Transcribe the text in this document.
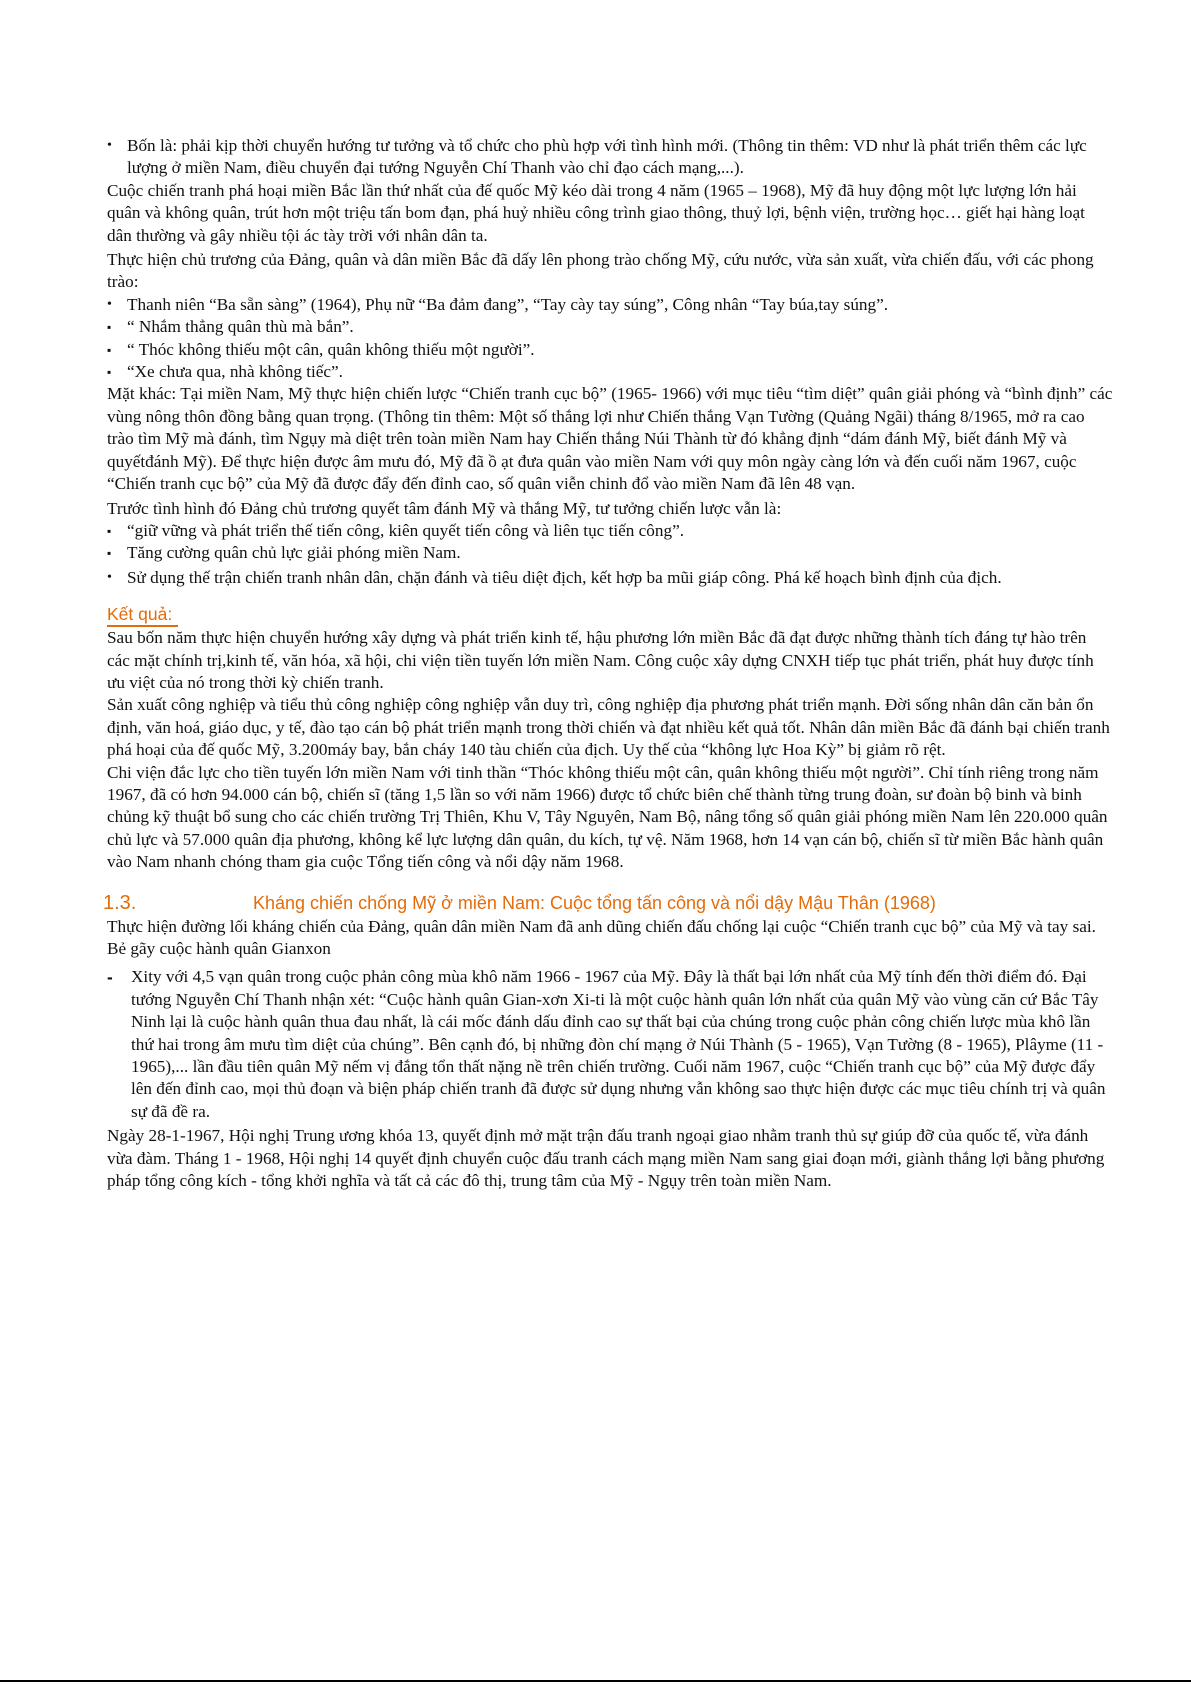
• Bốn là: phải kịp thời chuyển hướng tư tưởng và tổ chức cho phù hợp với tình hình mới. (Thông tin thêm: VD như là phát triển thêm các lực lượng ở miền Nam, điều chuyển đại tướng Nguyễn Chí Thanh vào chỉ đạo cách mạng,...).

Cuộc chiến tranh phá hoại miền Bắc lần thứ nhất của đế quốc Mỹ kéo dài trong 4 năm (1965 – 1968), Mỹ đã huy động một lực lượng lớn hải quân và không quân, trút hơn một triệu tấn bom đạn, phá huỷ nhiều công trình giao thông, thuỷ lợi, bệnh viện, trường học… giết hại hàng loạt dân thường và gây nhiều tội ác tày trời với nhân dân ta.

Thực hiện chủ trương của Đảng, quân và dân miền Bắc đã dấy lên phong trào chống Mỹ, cứu nước, vừa sản xuất, vừa chiến đấu, với các phong trào:

• Thanh niên “Ba sẵn sàng” (1964), Phụ nữ “Ba đảm đang”, “Tay cày tay súng”, Công nhân “Tay búa,tay súng”.

▪ “ Nhắm thẳng quân thù mà bắn”.

▪ “ Thóc không thiếu một cân, quân không thiếu một người”.

▪ “Xe chưa qua, nhà không tiếc”.

Mặt khác: Tại miền Nam, Mỹ thực hiện chiến lược “Chiến tranh cục bộ” (1965- 1966) với mục tiêu “tìm diệt” quân giải phóng và “bình định” các vùng nông thôn đồng bằng quan trọng. (Thông tin thêm: Một số thắng lợi như Chiến thắng Vạn Tường (Quảng Ngãi) tháng 8/1965, mở ra cao trào tìm Mỹ mà đánh, tìm Ngụy mà diệt trên toàn miền Nam hay Chiến thắng Núi Thành từ đó khẳng định “dám đánh Mỹ, biết đánh Mỹ và quyếtđánh Mỹ). Để thực hiện được âm mưu đó, Mỹ đã ồ ạt đưa quân vào miền Nam với quy môn ngày càng lớn và đến cuối năm 1967, cuộc “Chiến tranh cục bộ” của Mỹ đã được đẩy đến đỉnh cao, số quân viễn chinh đổ vào miền Nam đã lên 48 vạn.

Trước tình hình đó Đảng chủ trương quyết tâm đánh Mỹ và thắng Mỹ, tư tưởng chiến lược vẫn là:

▪ “giữ vững và phát triển thế tiến công, kiên quyết tiến công và liên tục tiến công”.

▪ Tăng cường quân chủ lực giải phóng miền Nam.

• Sử dụng thế trận chiến tranh nhân dân, chặn đánh và tiêu diệt địch, kết hợp ba mũi giáp công. Phá kế hoạch bình định của địch.

Kết quả:

Sau bốn năm thực hiện chuyển hướng xây dựng và phát triển kinh tế, hậu phương lớn miền Bắc đã đạt được những thành tích đáng tự hào trên các mặt chính trị,kinh tế, văn hóa, xã hội, chi viện tiền tuyến lớn miền Nam. Công cuộc xây dựng CNXH tiếp tục phát triển, phát huy được tính ưu việt của nó trong thời kỳ chiến tranh.

Sản xuất công nghiệp và tiểu thủ công nghiệp công nghiệp vẫn duy trì, công nghiệp địa phương phát triển mạnh. Đời sống nhân dân căn bản ổn định, văn hoá, giáo dục, y tế, đào tạo cán bộ phát triển mạnh trong thời chiến và đạt nhiều kết quả tốt. Nhân dân miền Bắc đã đánh bại chiến tranh phá hoại của đế quốc Mỹ, 3.200máy bay, bắn cháy 140 tàu chiến của địch. Uy thế của “không lực Hoa Kỳ” bị giảm rõ rệt.

Chi viện đắc lực cho tiền tuyến lớn miền Nam với tinh thần “Thóc không thiếu một cân, quân không thiếu một người”. Chỉ tính riêng trong năm 1967, đã có hơn 94.000 cán bộ, chiến sĩ (tăng 1,5 lần so với năm 1966) được tổ chức biên chế thành từng trung đoàn, sư đoàn bộ binh và binh chủng kỹ thuật bổ sung cho các chiến trường Trị Thiên, Khu V, Tây Nguyên, Nam Bộ, nâng tổng số quân giải phóng miền Nam lên 220.000 quân chủ lực và 57.000 quân địa phương, không kể lực lượng dân quân, du kích, tự vệ. Năm 1968, hơn 14 vạn cán bộ, chiến sĩ từ miền Bắc hành quân vào Nam nhanh chóng tham gia cuộc Tổng tiến công và nổi dậy năm 1968.

1.3.	Kháng chiến chống Mỹ ở miền Nam: Cuộc tổng tấn công và nổi dậy Mậu Thân (1968)

Thực hiện đường lối kháng chiến của Đảng, quân dân miền Nam đã anh dũng chiến đấu chống lại cuộc “Chiến tranh cục bộ” của Mỹ và tay sai. Bẻ gãy cuộc hành quân Gianxon

- Xity với 4,5 vạn quân trong cuộc phản công mùa khô năm 1966 - 1967 của Mỹ. Đây là thất bại lớn nhất của Mỹ tính đến thời điểm đó. Đại tướng Nguyễn Chí Thanh nhận xét: “Cuộc hành quân Gian-xơn Xi-ti là một cuộc hành quân lớn nhất của quân Mỹ vào vùng căn cứ Bắc Tây Ninh lại là cuộc hành quân thua đau nhất, là cái mốc đánh dấu đỉnh cao sự thất bại của chúng trong cuộc phản công chiến lược mùa khô lần thứ hai trong âm mưu tìm diệt của chúng”. Bên cạnh đó, bị những đòn chí mạng ở Núi Thành (5 - 1965), Vạn Tường (8 - 1965), Plâyme (11 - 1965),... lần đầu tiên quân Mỹ nếm vị đắng tổn thất nặng nề trên chiến trường. Cuối năm 1967, cuộc “Chiến tranh cục bộ” của Mỹ được đẩy lên đến đỉnh cao, mọi thủ đoạn và biện pháp chiến tranh đã được sử dụng nhưng vẫn không sao thực hiện được các mục tiêu chính trị và quân sự đã đề ra.

Ngày 28-1-1967, Hội nghị Trung ương khóa 13, quyết định mở mặt trận đấu tranh ngoại giao nhằm tranh thủ sự giúp đỡ của quốc tế, vừa đánh vừa đàm. Tháng 1 - 1968, Hội nghị 14 quyết định chuyển cuộc đấu tranh cách mạng miền Nam sang giai đoạn mới, giành thắng lợi bằng phương pháp tổng công kích - tổng khởi nghĩa và tất cả các đô thị, trung tâm của Mỹ - Ngụy trên toàn miền Nam.
